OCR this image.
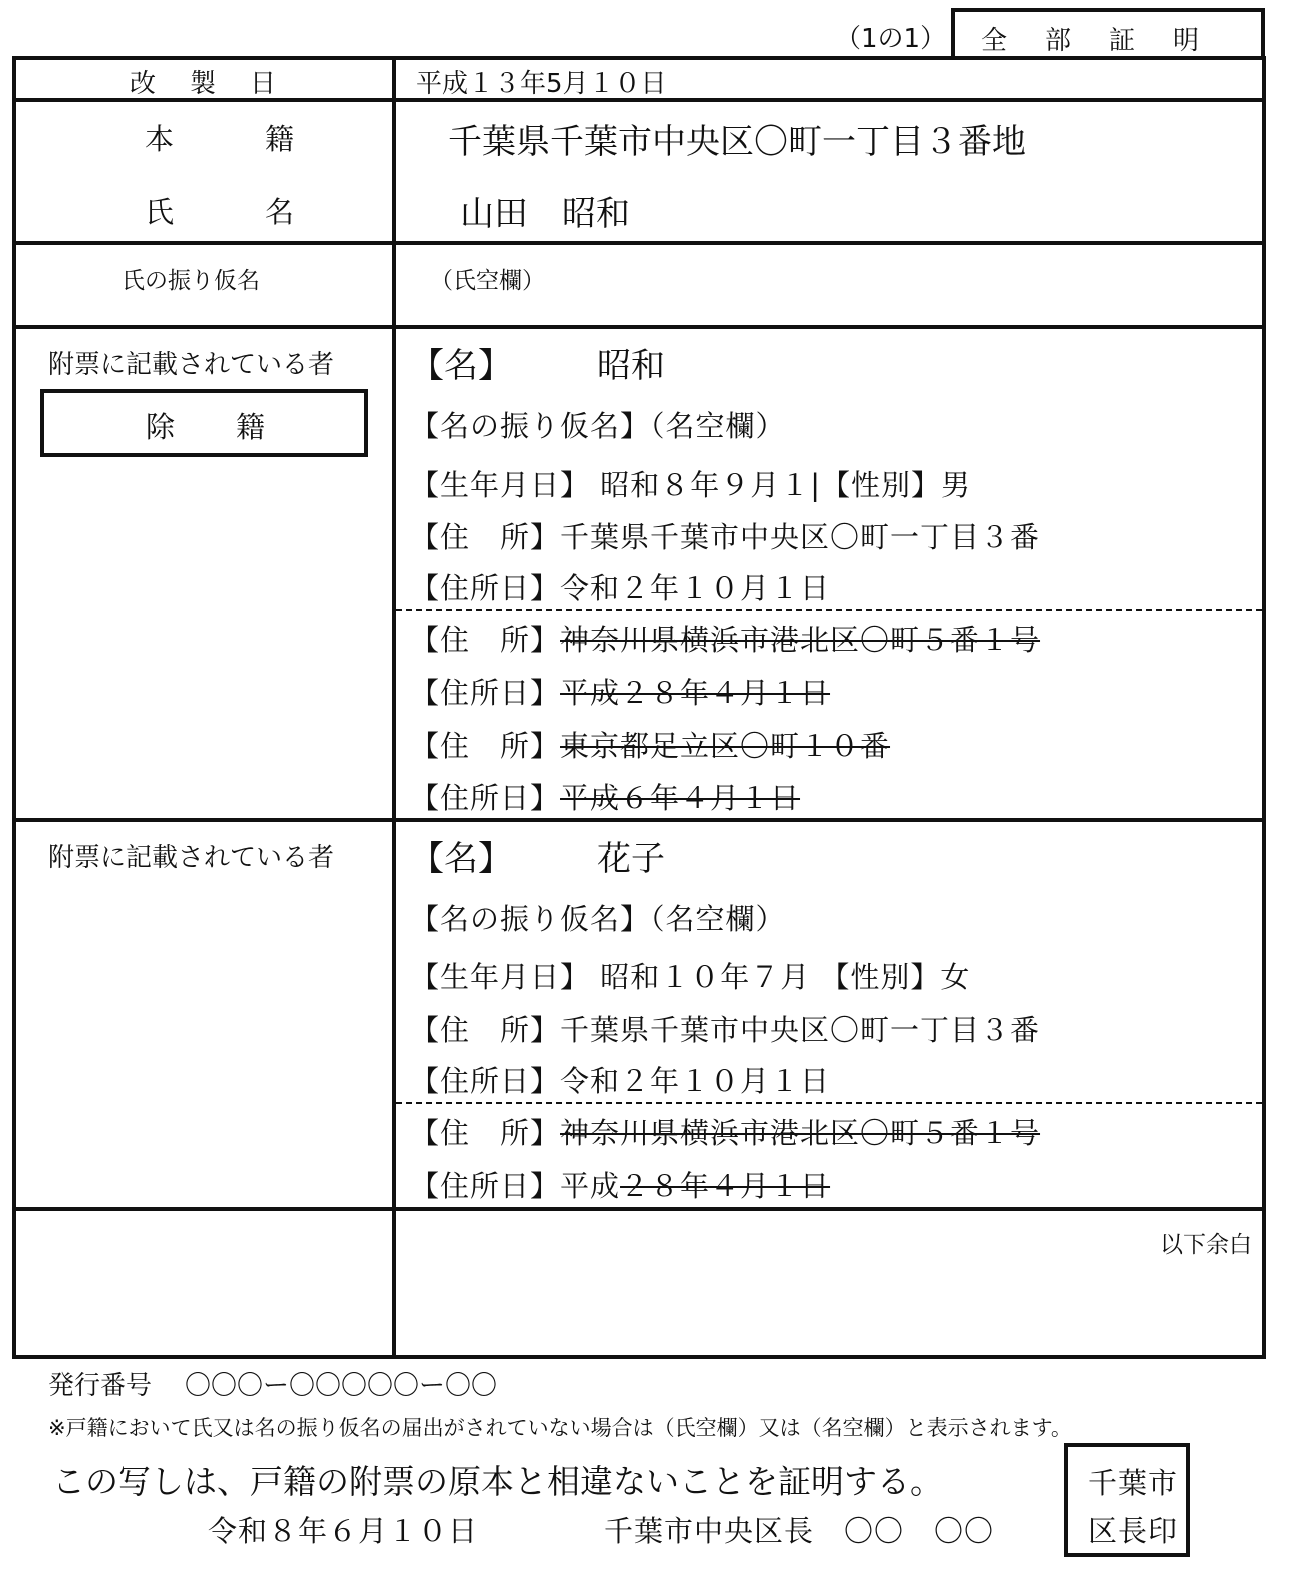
（1の1） 全　部　証　明
改　製　日	平成１３年5月１０日
本　　　籍	千葉県千葉市中央区〇町一丁目３番地
氏　　　名	山田　昭和
氏の振り仮名	（氏空欄）
附票に記載されている者
除　　籍
【名】　　　昭和
【名の振り仮名】（名空欄）
【生年月日】 昭和８年９月１|【性別】男
【住　所】千葉県千葉市中央区〇町一丁目３番
【住所日】令和２年１０月１日
【住　所】神奈川県横浜市港北区〇町５番１号
【住所日】平成２８年４月１日
【住　所】東京都足立区〇町１０番
【住所日】平成６年４月１日
附票に記載されている者 【名】　　　花子
【名の振り仮名】（名空欄）
【生年月日】 昭和１０年７月 【性別】女
【住　所】千葉県千葉市中央区〇町一丁目３番
【住所日】令和２年１０月１日
【住　所】神奈川県横浜市港北区〇町５番１号
【住所日】平成２８年４月１日
以下余白
発行番号 〇〇〇ー〇〇〇〇〇ー〇〇
※戸籍において氏又は名の振り仮名の届出がされていない場合は（氏空欄）又は（名空欄）と表示されます。
この写しは、戸籍の附票の原本と相違ないことを証明する。
令和８年６月１０日	千葉市中央区長　〇〇　〇〇
千葉市
区長印
